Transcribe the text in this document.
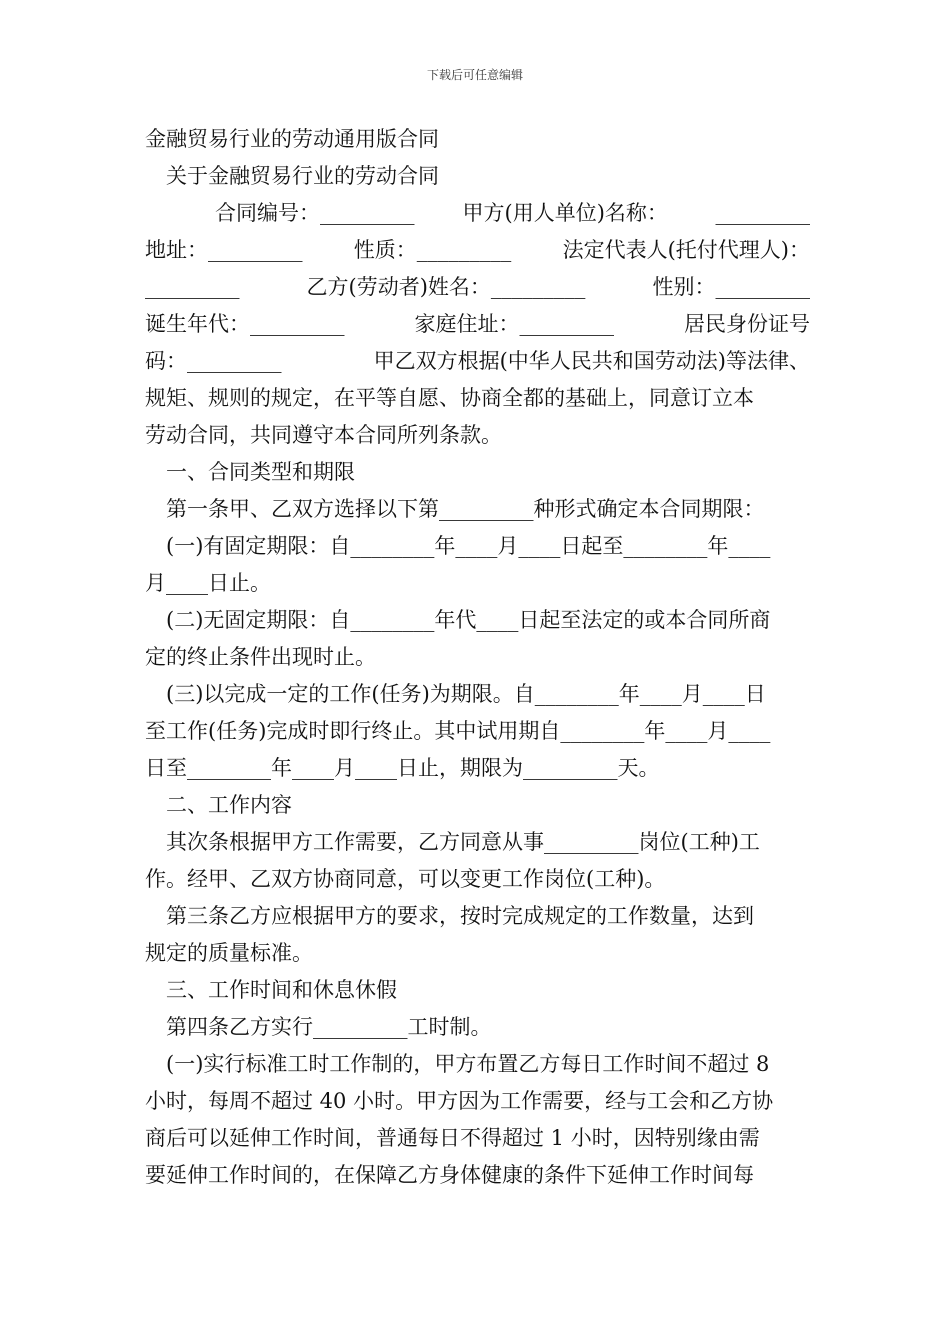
下载后可任意编辑
金融贸易行业的劳动通用版合同
关于金融贸易行业的劳动合同
合同编号：_________ 甲方(用人单位)名称： _________
地址：_________ 性质：_________ 法定代表人(托付代理人)：
_________	乙方(劳动者)姓名：_________	性别：_________
诞生年代：_________	家庭住址：_________	居民身份证号
码：_________	甲乙双方根据(中华人民共和国劳动法)等法律、
规矩、规则的规定，在平等自愿、协商全都的基础上，同意订立本
劳动合同，共同遵守本合同所列条款。
一、合同类型和期限
第一条甲、乙双方选择以下第_________种形式确定本合同期限：
(一)有固定期限：自________年____月____日起至________年____
月____日止。
(二)无固定期限：自________年代____日起至法定的或本合同所商
定的终止条件出现时止。
(三)以完成一定的工作(任务)为期限。自________年____月____日
至工作(任务)完成时即行终止。其中试用期自________年____月____
日至________年____月____日止，期限为_________天。
二、工作内容
其次条根据甲方工作需要，乙方同意从事_________岗位(工种)工
作。经甲、乙双方协商同意，可以变更工作岗位(工种)。
第三条乙方应根据甲方的要求，按时完成规定的工作数量，达到
规定的质量标准。
三、工作时间和休息休假
第四条乙方实行_________工时制。
(一)实行标准工时工作制的，甲方布置乙方每日工作时间不超过 8
小时，每周不超过 40 小时。甲方因为工作需要，经与工会和乙方协
商后可以延伸工作时间，普通每日不得超过 1 小时，因特别缘由需
要延伸工作时间的，在保障乙方身体健康的条件下延伸工作时间每
